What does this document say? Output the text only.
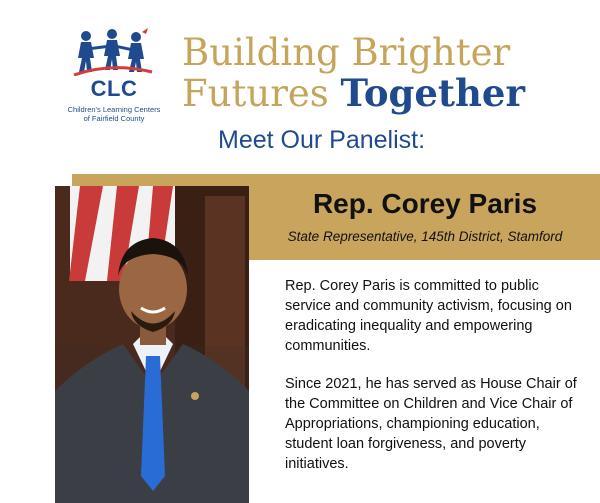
CLC
Children's Learning Centers
of Fairfield County
Building Brighter
Futures Together
Meet Our Panelist:
Rep. Corey Paris
State Representative, 145th District, Stamford

Rep. Corey Paris is committed to public service and community activism, focusing on eradicating inequality and empowering communities.

Since 2021, he has served as House Chair of the Committee on Children and Vice Chair of Appropriations, championing education, student loan forgiveness, and poverty initiatives.
